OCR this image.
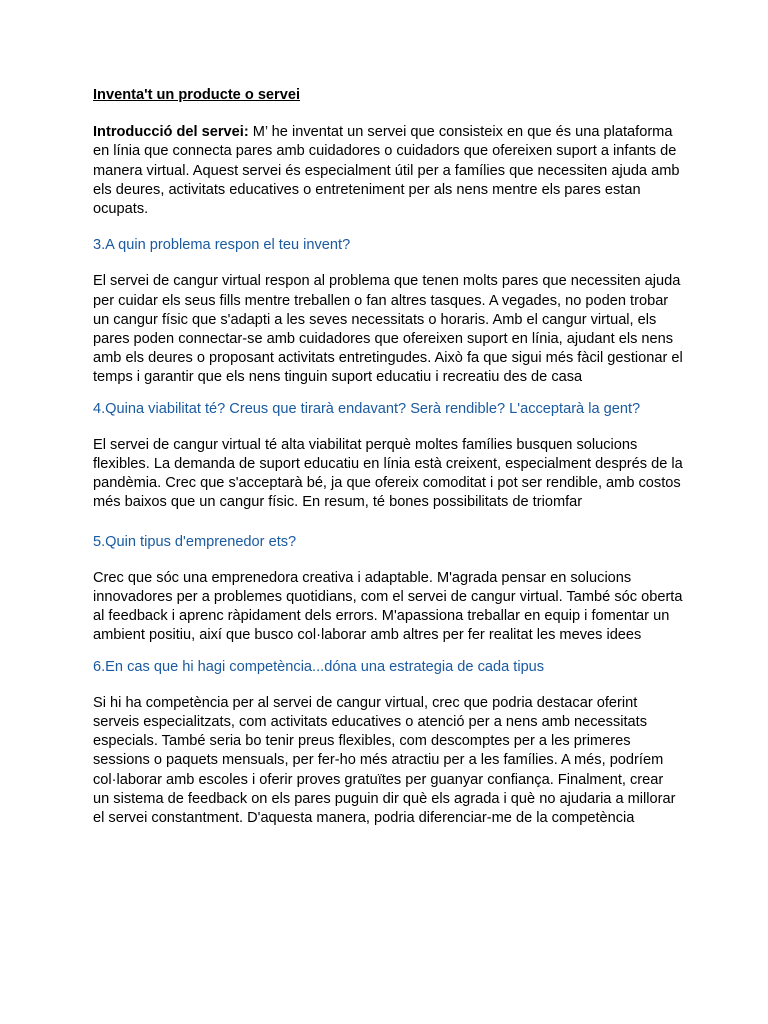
Inventa't un producte o servei
Introducció del servei: M’ he inventat un servei que consisteix en que és una plataforma en línia que connecta pares amb cuidadores o cuidadors que ofereixen suport a infants de manera virtual. Aquest servei és especialment útil per a famílies que necessiten ajuda amb els deures, activitats educatives o entreteniment per als nens mentre els pares estan ocupats.
3.A quin problema respon el teu invent?
El servei de cangur virtual respon al problema que tenen molts pares que necessiten ajuda per cuidar els seus fills mentre treballen o fan altres tasques. A vegades, no poden trobar un cangur físic que s'adapti a les seves necessitats o horaris. Amb el cangur virtual, els pares poden connectar-se amb cuidadores que ofereixen suport en línia, ajudant els nens amb els deures o proposant activitats entretingudes. Això fa que sigui més fàcil gestionar el temps i garantir que els nens tinguin suport educatiu i recreatiu des de casa
4.Quina viabilitat té? Creus que tirarà endavant? Serà rendible? L'acceptarà la gent?
El servei de cangur virtual té alta viabilitat perquè moltes famílies busquen solucions flexibles. La demanda de suport educatiu en línia està creixent, especialment després de la pandèmia. Crec que s'acceptarà bé, ja que ofereix comoditat i pot ser rendible, amb costos més baixos que un cangur físic. En resum, té bones possibilitats de triomfar
5.Quin tipus d'emprenedor ets?
Crec que sóc una emprenedora creativa i adaptable. M'agrada pensar en solucions innovadores per a problemes quotidians, com el servei de cangur virtual. També sóc oberta al feedback i aprenc ràpidament dels errors. M'apassiona treballar en equip i fomentar un ambient positiu, així que busco col·laborar amb altres per fer realitat les meves idees
6.En cas que hi hagi competència...dóna una estrategia de cada tipus
Si hi ha competència per al servei de cangur virtual, crec que podria destacar oferint serveis especialitzats, com activitats educatives o atenció per a nens amb necessitats especials. També seria bo tenir preus flexibles, com descomptes per a les primeres sessions o paquets mensuals, per fer-ho més atractiu per a les famílies. A més, podríem col·laborar amb escoles i oferir proves gratuïtes per guanyar confiança. Finalment, crear un sistema de feedback on els pares puguin dir què els agrada i què no ajudaria a millorar el servei constantment. D'aquesta manera, podria diferenciar-me de la competència
